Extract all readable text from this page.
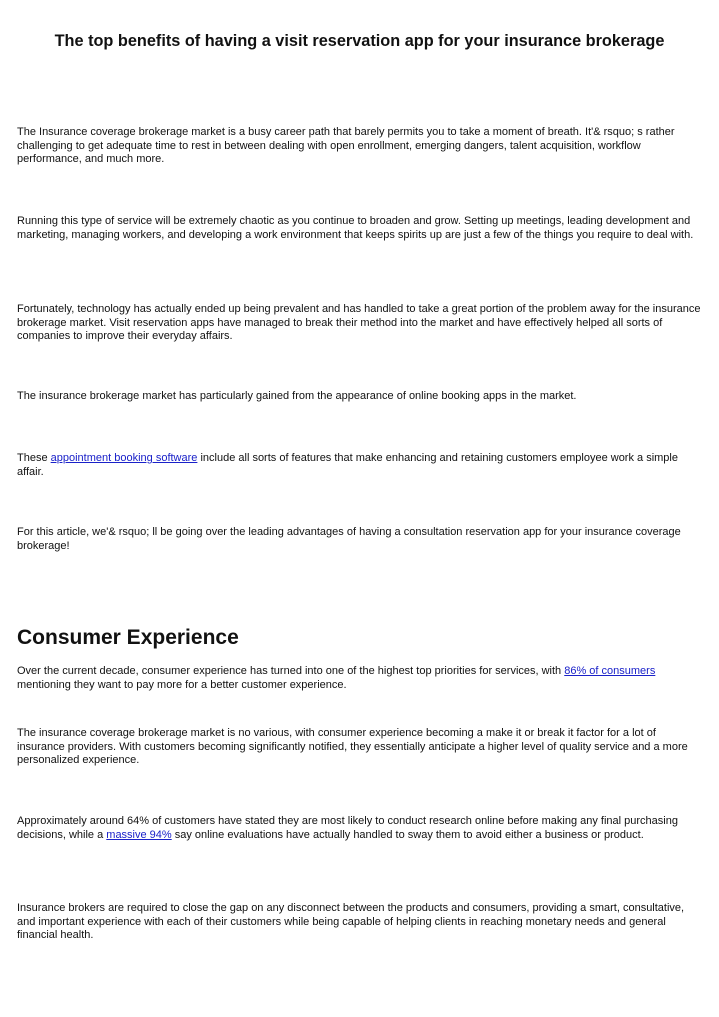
The top benefits of having a visit reservation app for your insurance brokerage

The Insurance coverage brokerage market is a busy career path that barely permits you to take a moment of breath. It'& rsquo; s rather challenging to get adequate time to rest in between dealing with open enrollment, emerging dangers, talent acquisition, workflow performance, and much more.

Running this type of service will be extremely chaotic as you continue to broaden and grow. Setting up meetings, leading development and marketing, managing workers, and developing a work environment that keeps spirits up are just a few of the things you require to deal with.

Fortunately, technology has actually ended up being prevalent and has handled to take a great portion of the problem away for the insurance brokerage market. Visit reservation apps have managed to break their method into the market and have effectively helped all sorts of companies to improve their everyday affairs.

The insurance brokerage market has particularly gained from the appearance of online booking apps in the market.

These appointment booking software include all sorts of features that make enhancing and retaining customers employee work a simple affair.

For this article, we'& rsquo; ll be going over the leading advantages of having a consultation reservation app for your insurance coverage brokerage!

Consumer Experience

Over the current decade, consumer experience has turned into one of the highest top priorities for services, with 86% of consumers mentioning they want to pay more for a better customer experience.

The insurance coverage brokerage market is no various, with consumer experience becoming a make it or break it factor for a lot of insurance providers. With customers becoming significantly notified, they essentially anticipate a higher level of quality service and a more personalized experience.

Approximately around 64% of customers have stated they are most likely to conduct research online before making any final purchasing decisions, while a massive 94% say online evaluations have actually handled to sway them to avoid either a business or product.

Insurance brokers are required to close the gap on any disconnect between the products and consumers, providing a smart, consultative, and important experience with each of their customers while being capable of helping clients in reaching monetary needs and general financial health.
